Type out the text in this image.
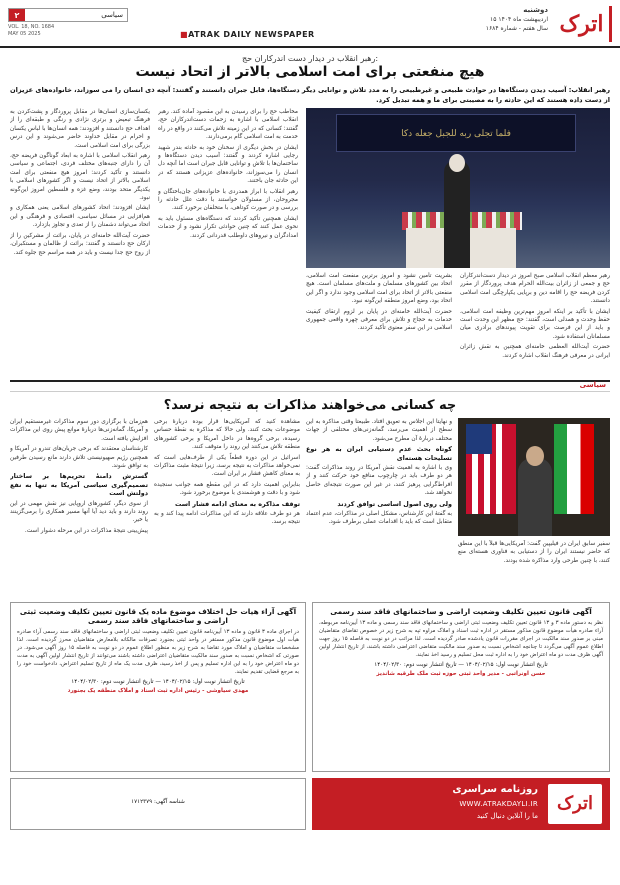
اترک
دوشنبه
۱۵ اردیبهشت ماه ۱۴۰۴
سال هفتم - شماره ۱۶۸۴
۲	سیاسی
VOL. 18, NO. 1684
MAY 05 2025	■ATRAK DAILY NEWSPAPER
رهبر انقلاب در دیدار دست اندرکاران حج:
هیچ منفعتی برای امت اسلامی بالاتر از اتحاد نیست
رهبر انقلاب: آسیب دیدن دستگاه‌ها در حوادث طبیعی و غیرطبیعی را به مدد تلاش و توانایی دیگر دستگاه‌ها، قابل جبران دانستند و گفتند: آنچه ذی انسان را می سوزاند، خانواده‌های عزیزان از دست داده هستند که این حادثه را به مصیبتی برای ما و همه تبدیل کرد.

یکسان‌سازی انسان‌ها در مقابل پروردگار و پشت‌کردن به فرهنگ تبعیض و برتری نژادی و رنگی و طبقه‌ای را از اهداف حج دانستند و افزودند: همه انسان‌ها با لباس یکسان و احرام در مقابل خداوند حاضر می‌شوند و این درس بزرگی برای امت اسلامی است.

رهبر انقلاب اسلامی با اشاره به ابعاد گوناگون فریضه حج، آن را دارای جنبه‌های مختلف فردی، اجتماعی و سیاسی دانستند و تأکید کردند: امروز هیچ منفعتی برای امت اسلامی بالاتر از اتحاد نیست و اگر کشورهای اسلامی با یکدیگر متحد بودند، وضع غزه و فلسطین امروز این‌گونه نبود.

ایشان افزودند: اتحاد کشورهای اسلامی یعنی همکاری و هم‌افزایی در مسائل سیاسی، اقتصادی و فرهنگی و این اتحاد می‌تواند دشمنان را از تعدی و تجاوز بازدارد.

حضرت آیت‌الله خامنه‌ای در پایان، برائت از مشرکین را از ارکان حج دانستند و گفتند: برائت از ظالمان و مستکبران، از روح حج جدا نیست و باید در همه مراسم حج جلوه کند.

مخاطب حج را برای رسیدن به این مقصود آماده کند. رهبر انقلاب اسلامی با اشاره به زحمات دست‌اندرکاران حج، گفتند: کسانی که در این زمینه تلاش می‌کنند در واقع در راه خدمت به امت اسلامی گام برمی‌دارند.

ایشان در بخش دیگری از سخنان خود به حادثه بندر شهید رجایی اشاره کردند و گفتند: آسیب دیدن دستگاه‌ها و ساختمان‌ها با تلاش و توانایی قابل جبران است اما آنچه دل انسان را می‌سوزاند، خانواده‌های عزیزانی هستند که در این حادثه جان باختند.

رهبر انقلاب با ابراز همدردی با خانواده‌های جان‌باختگان و مجروحان، از مسئولان خواستند با دقت علل حادثه را بررسی و در صورت کوتاهی، با متخلفان برخورد کنند.

ایشان همچنین تأکید کردند که دستگاه‌های مسئول باید به نحوی عمل کنند که چنین حوادثی تکرار نشود و از خدمات امدادگران و نیروهای داوطلب قدردانی کردند.

فلما تجلى ربه للجبل جعله دكا

بشریت تأمین نشود و امروز برترین منفعت امت اسلامی، اتحاد بین کشورهای مسلمان و ملت‌های مسلمان است. هیچ منفعتی بالاتر از اتحاد برای امت اسلامی وجود ندارد و اگر این اتحاد بود، وضع امروز منطقه این‌گونه نبود.

حضرت آیت‌الله خامنه‌ای در پایان بر لزوم ارتقای کیفیت خدمات به حجاج و تلاش برای معرفی چهره واقعی جمهوری اسلامی در این سفر معنوی تأکید کردند.

رهبر معظم انقلاب اسلامی صبح امروز در دیدار دست‌اندرکاران حج و جمعی از زائران بیت‌الله الحرام هدف پروردگار از مقرر کردن فریضه حج را اقامه دین و برپایی یکپارچگی امت اسلامی دانستند.

ایشان با تأکید بر اینکه امروز مهم‌ترین وظیفه امت اسلامی، حفظ وحدت و همدلی است، گفتند: حج مظهر این وحدت است و باید از این فرصت برای تقویت پیوندهای برادری میان مسلمانان استفاده شود.

حضرت آیت‌الله العظمی خامنه‌ای همچنین به نقش زائران ایرانی در معرفی فرهنگ انقلاب اشاره کردند.

سیاسی
چه کسانی می‌خواهند مذاکرات به نتیجه نرسد؟

سفیر سابق ایران در فیلیپین گفت: آمریکایی‌ها قبلاً با این منطق که حاضر نیستند ایران را از دستیابی به فناوری هسته‌ای منع کنند، با چنین طرحی وارد مذاکره شده بودند.

و نهایتاً این اجلاس به تعویق افتاد. طبیعتاً وقتی مذاکره به این سطح از اهمیت می‌رسد، گمانه‌زنی‌های مختلفی از جهات مختلف دربارهٔ آن مطرح می‌شود.

کوتاه بحث عدم دستیابی ایران به هر نوع تسلیحات هسته‌ای

وی با اشاره به اهمیت نقش آمریکا در روند مذاکرات گفت: هر دو طرف باید در چارچوب منافع خود حرکت کنند و از افراط‌گرایی پرهیز کنند، در غیر این صورت نتیجه‌ای حاصل نخواهد شد.

ولی روی اصول اساسی توافق کردند

به گفتهٔ این کارشناس، مشکل اصلی در مذاکرات، عدم اعتماد متقابل است که باید با اقدامات عملی برطرف شود.

مشاهده کنید که آمریکایی‌ها قرار بوده دربارهٔ برخی موضوعات بحث کنند. ولی حالا که مذاکره به نقطهٔ حساس رسیده، برخی گروه‌ها در داخل آمریکا و برخی کشورهای منطقه تلاش می‌کنند این روند را متوقف کنند.

اسرائیل در این دوره قطعاً یکی از طرف‌هایی است که نمی‌خواهد مذاکرات به نتیجه برسد، زیرا نتیجهٔ مثبت مذاکرات به معنای کاهش فشار بر ایران است.

بنابراین اهمیت دارد که در این مقطع همه جوانب سنجیده شود و با دقت و هوشمندی با موضوع برخورد شود.

توقف مذاکره به معنای ادامه فشار است

هر دو طرف علاقه دارند که این مذاکرات ادامه پیدا کند و به نتیجه برسد.

هم‌زمان با برگزاری دور سوم مذاکرات غیرمستقیم ایران و آمریکا، گمانه‌زنی‌ها دربارهٔ موانع پیش روی این مذاکرات افزایش یافته است.

کارشناسان معتقدند که برخی جریان‌های تندرو در آمریکا و همچنین رژیم صهیونیستی تلاش دارند مانع رسیدن طرفین به توافق شوند.

گسترش دامنهٔ تحریم‌ها بر ساختار تصمیم‌گیری سیاسی آمریکا به تنها به نفع دولتش است

از سوی دیگر، کشورهای اروپایی نیز نقش مهمی در این روند دارند و باید دید آیا آنها مسیر همکاری را برمی‌گزینند یا خیر.

پیش‌بینی نتیجهٔ مذاکرات در این مرحله دشوار است.

آگهی قانون تعیین تکلیف وضعیت اراضی و ساختمانهای فاقد سند رسمی
نظر به دستور ماده ۳ و ۱۳ قانون تعیین تکلیف وضعیت ثبتی اراضی و ساختمانهای فاقد سند رسمی و ماده ۱۳ آیین‌نامه مربوطه، آراء صادره هیأت موضوع قانون مذکور مستقر در اداره ثبت اسناد و املاک مراوه تپه به شرح زیر در خصوص تقاضای متقاضیان مبنی بر صدور سند مالکیت در اجرای مقررات قانون یادشده صادر گردیده است. لذا مراتب در دو نوبت به فاصله ۱۵ روز جهت اطلاع عموم آگهی می‌گردد تا چنانچه اشخاص نسبت به صدور سند مالکیت متقاضی اعتراضی داشته باشند، از تاریخ انتشار اولین آگهی ظرف مدت دو ماه اعتراض خود را به اداره ثبت محل تسلیم و رسید اخذ نمایند.
تاریخ انتشار نوبت اول: ۱۴۰۴/۰۲/۱۵ — تاریخ انتشار نوبت دوم: ۱۴۰۴/۰۲/۳۰
حسن اونراتبی - مدیر واحد ثبتی حوزه ثبت ملک طرقبه شاندیز
آگهی آراء هیات حل اختلاف موضوع ماده یک قانون تعیین تکلیف وضعیت ثبتی اراضی و ساختمانهای فاقد سند رسمی
در اجرای ماده ۳ قانون و ماده ۱۳ آیین‌نامه قانون تعیین تکلیف وضعیت ثبتی اراضی و ساختمانهای فاقد سند رسمی آراء صادره هیأت اول موضوع قانون مذکور مستقر در واحد ثبتی بجنورد تصرفات مالکانه بلامعارض متقاضیان محرز گردیده است. لذا مشخصات متقاضیان و املاک مورد تقاضا به شرح زیر به منظور اطلاع عموم در دو نوبت به فاصله ۱۵ روز آگهی می‌شود. در صورتی که اشخاص نسبت به صدور سند مالکیت متقاضیان اعتراضی داشته باشند می‌توانند از تاریخ انتشار اولین آگهی به مدت دو ماه اعتراض خود را به این اداره تسلیم و پس از اخذ رسید، ظرف مدت یک ماه از تاریخ تسلیم اعتراض، دادخواست خود را به مرجع قضایی تقدیم نمایند.
تاریخ انتشار نوبت اول: ۱۴۰۴/۰۲/۱۵ — تاریخ انتشار نوبت دوم: ۱۴۰۴/۰۲/۳۰
مهدی سیاوشی - رئیس اداره ثبت اسناد و املاک منطقه یک بجنورد
اترک
روزنامه سراسری
WWW.ATRAKDAYLI.IR
ما را آنلاین دنبال کنید
شناسه آگهی: ۱۷۱۲۳۷۹
